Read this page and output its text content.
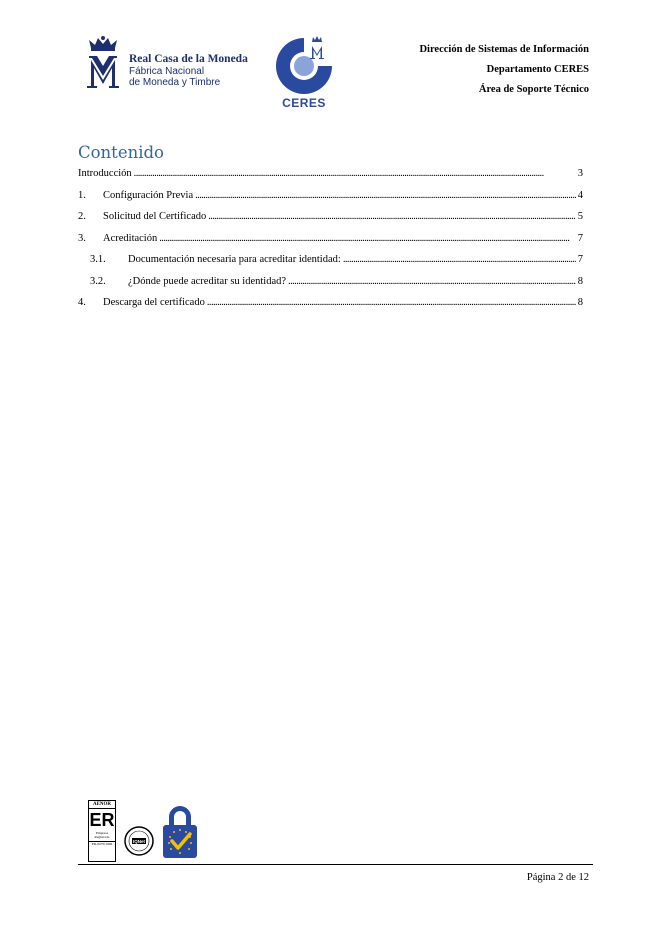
Real Casa de la Moneda
Fábrica Nacional
de Moneda y Timbre
CERES
Dirección de Sistemas de Información
Departamento CERES
Área de Soporte Técnico
Contenido
Introducción . . .	3
1.	Configuración Previa . . .	4
2.	Solicitud del Certificado . . .	5
3.	Acreditación . . .	7
3.1.	Documentación necesaria para acreditar identidad: . . .	7
3.2.	¿Dónde puede acreditar su identidad? . . .	8
4.	Descarga del certificado . . .	8
AENOR
ER
Empresa Registrada
ER-0070/1996	IQNet
Página 2 de 12
